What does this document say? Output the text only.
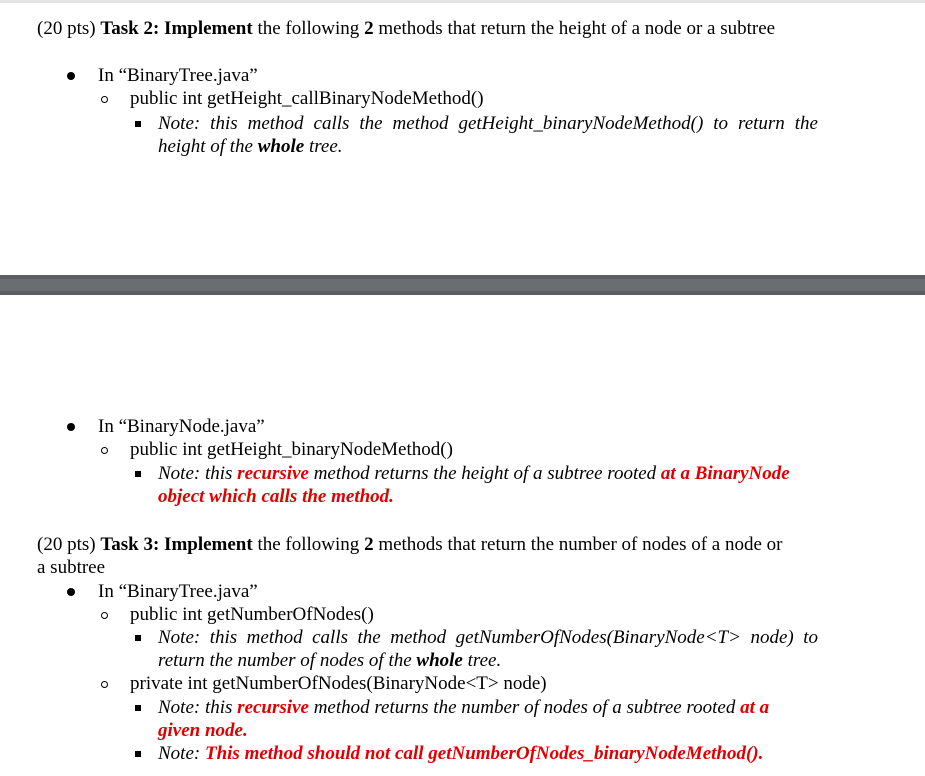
(20 pts) Task 2: Implement the following 2 methods that return the height of a node or a subtree
In “BinaryTree.java”
public int getHeight_callBinaryNodeMethod()
Note: this method calls the method getHeight_binaryNodeMethod() to return the
height of the whole tree.
In “BinaryNode.java”
public int getHeight_binaryNodeMethod()
Note: this recursive method returns the height of a subtree rooted at a BinaryNode
object which calls the method.
(20 pts) Task 3: Implement the following 2 methods that return the number of nodes of a node or
a subtree
In “BinaryTree.java”
public int getNumberOfNodes()
Note: this method calls the method getNumberOfNodes(BinaryNode<T> node) to
return the number of nodes of the whole tree.
private int getNumberOfNodes(BinaryNode<T> node)
Note: this recursive method returns the number of nodes of a subtree rooted at a
given node.
Note: This method should not call getNumberOfNodes_binaryNodeMethod().
